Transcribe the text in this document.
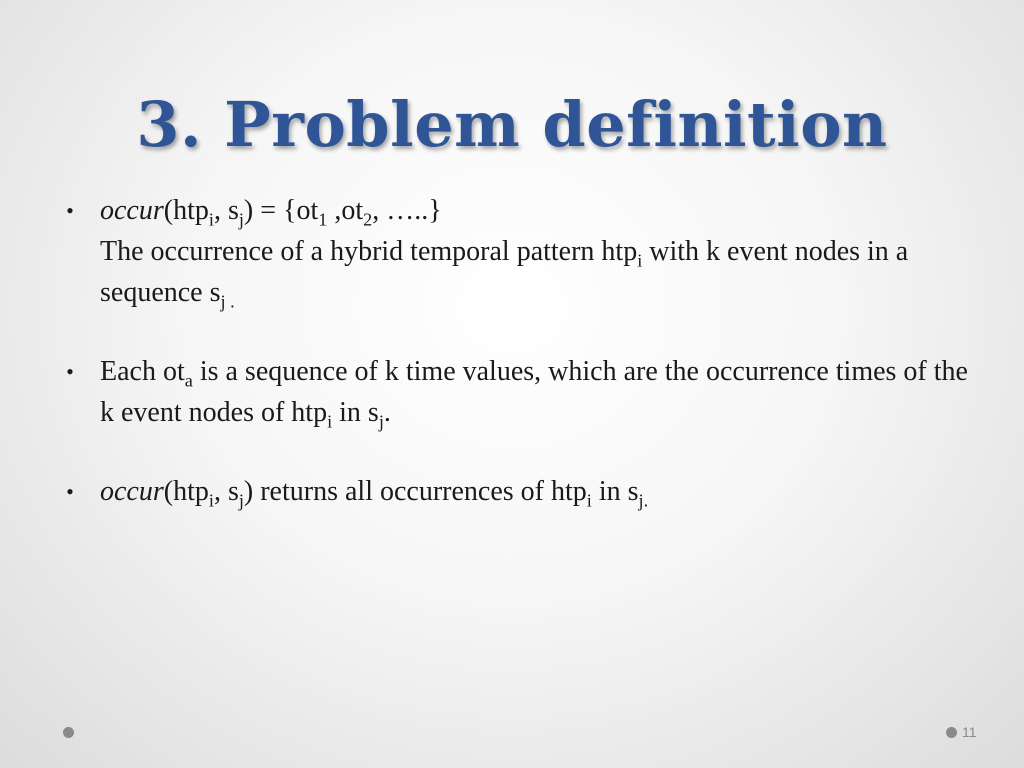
3. Problem definition
• occur(htp$_i$, $s_j) = \{ot_1$ $,ot_2$, …..}
The occurrence of a hybrid temporal pattern htp$_i$ with k event nodes in a sequence $s_{j .}$
• Each $ot_a$ is a sequence of k time values, which are the occurrence times of the k event nodes of htp$_i$ in $s_j$.
• occur(htp$_i$, $s_j$) returns all occurrences of htp$_i$ in $s_{j.}$
11
